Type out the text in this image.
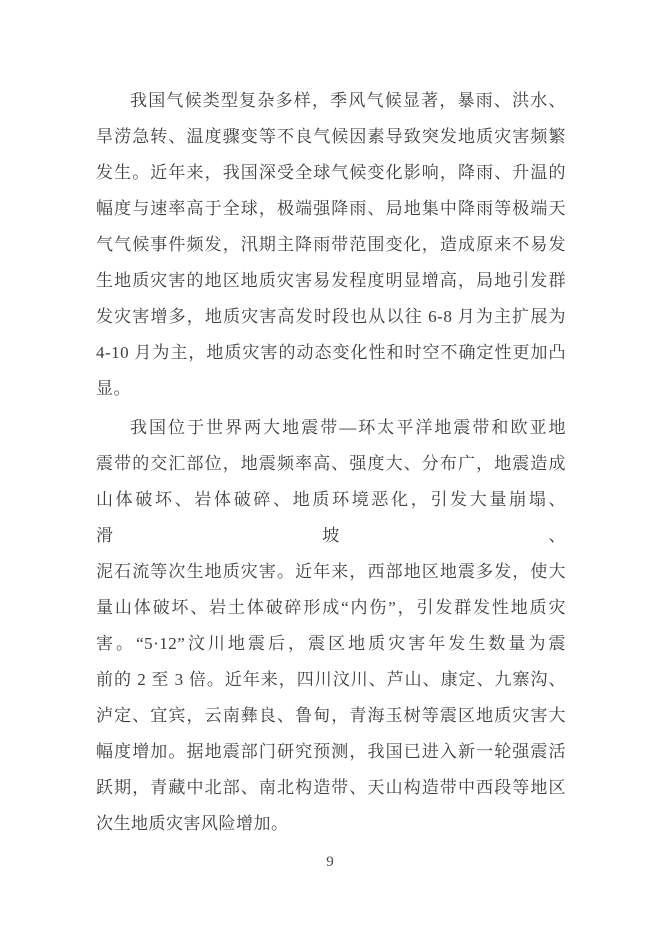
我国气候类型复杂多样，季风气候显著，暴雨、洪水、
旱涝急转、温度骤变等不良气候因素导致突发地质灾害频繁
发生。近年来，我国深受全球气候变化影响，降雨、升温的
幅度与速率高于全球，极端强降雨、局地集中降雨等极端天
气气候事件频发，汛期主降雨带范围变化，造成原来不易发
生地质灾害的地区地质灾害易发程度明显增高，局地引发群
发灾害增多，地质灾害高发时段也从以往 6-8 月为主扩展为
4-10 月为主，地质灾害的动态变化性和时空不确定性更加凸
显。
我国位于世界两大地震带—环太平洋地震带和欧亚地
震带的交汇部位，地震频率高、强度大、分布广，地震造成
山体破坏、岩体破碎、地质环境恶化，引发大量崩塌、滑坡、
泥石流等次生地质灾害。近年来，西部地区地震多发，使大
量山体破坏、岩土体破碎形成“内伤”，引发群发性地质灾
害。“5·12”汶川地震后，震区地质灾害年发生数量为震
前的 2 至 3 倍。近年来，四川汶川、芦山、康定、九寨沟、
泸定、宜宾，云南彝良、鲁甸，青海玉树等震区地质灾害大
幅度增加。据地震部门研究预测，我国已进入新一轮强震活
跃期，青藏中北部、南北构造带、天山构造带中西段等地区
次生地质灾害风险增加。
9
